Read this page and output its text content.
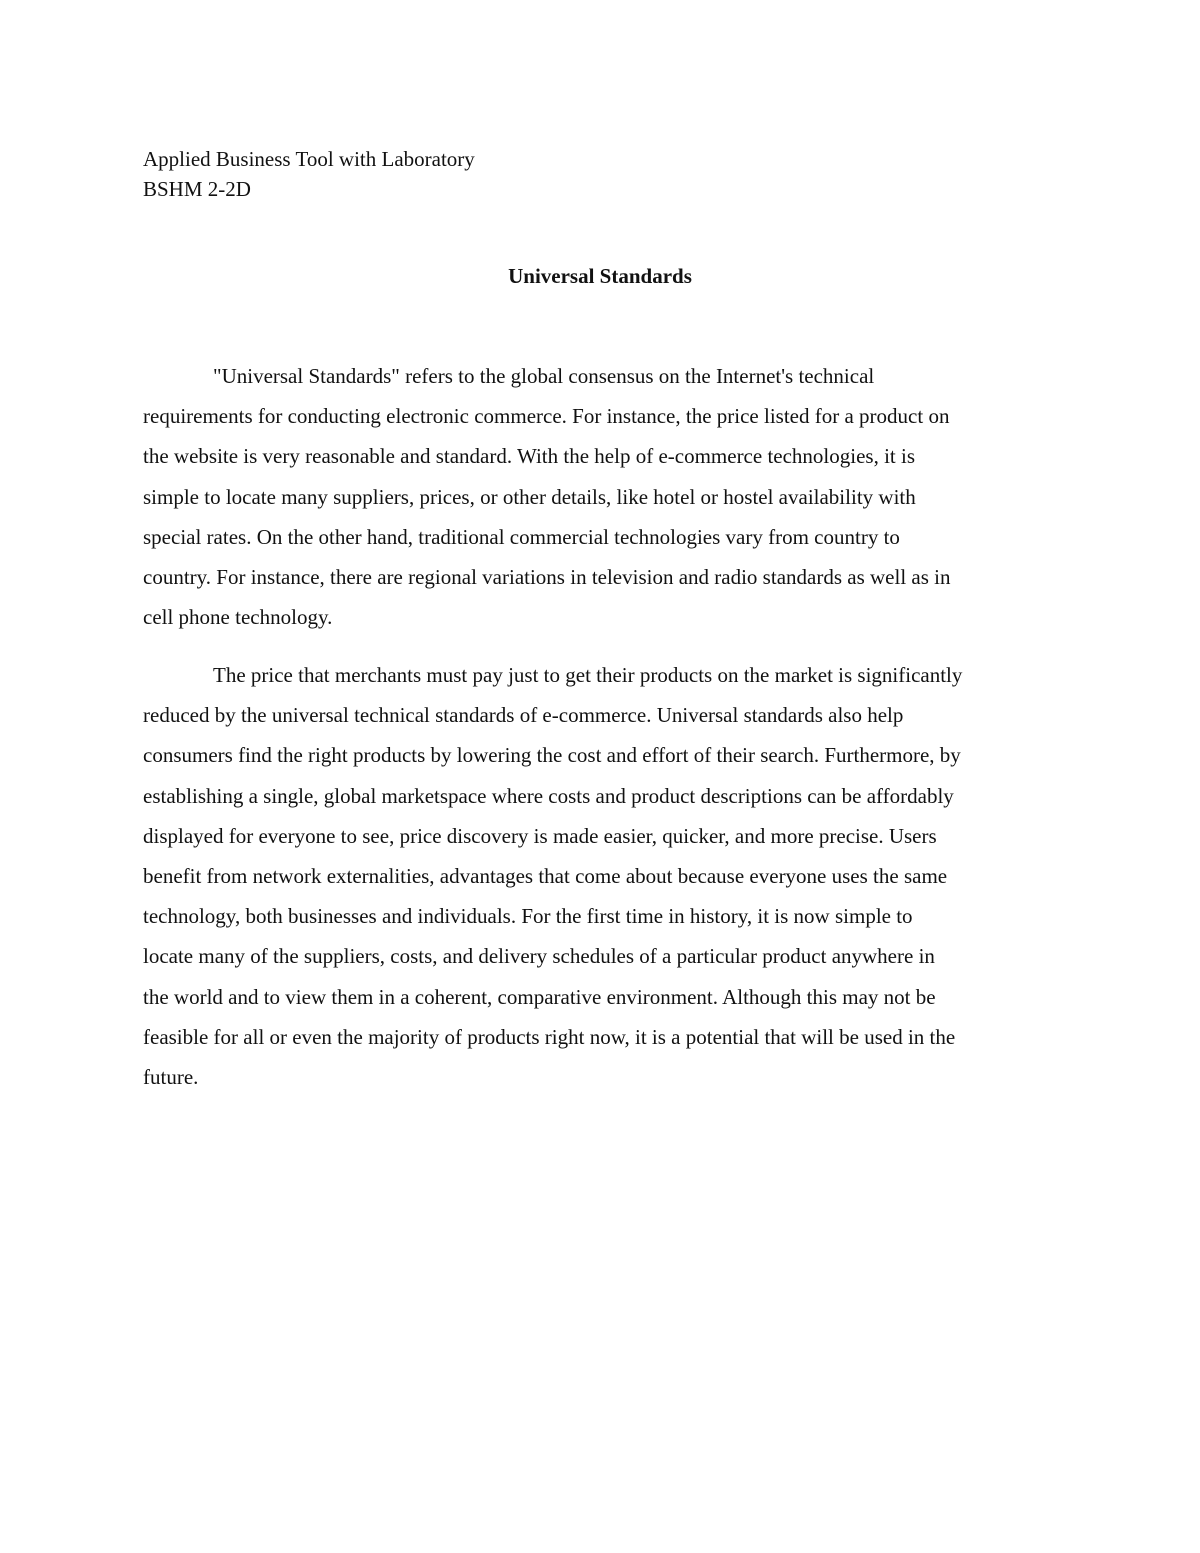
Applied Business Tool with Laboratory
BSHM 2-2D
Universal Standards
"Universal Standards" refers to the global consensus on the Internet's technical
requirements for conducting electronic commerce. For instance, the price listed for a product on
the website is very reasonable and standard. With the help of e-commerce technologies, it is
simple to locate many suppliers, prices, or other details, like hotel or hostel availability with
special rates. On the other hand, traditional commercial technologies vary from country to
country. For instance, there are regional variations in television and radio standards as well as in
cell phone technology.
The price that merchants must pay just to get their products on the market is significantly
reduced by the universal technical standards of e-commerce. Universal standards also help
consumers find the right products by lowering the cost and effort of their search. Furthermore, by
establishing a single, global marketspace where costs and product descriptions can be affordably
displayed for everyone to see, price discovery is made easier, quicker, and more precise. Users
benefit from network externalities, advantages that come about because everyone uses the same
technology, both businesses and individuals. For the first time in history, it is now simple to
locate many of the suppliers, costs, and delivery schedules of a particular product anywhere in
the world and to view them in a coherent, comparative environment. Although this may not be
feasible for all or even the majority of products right now, it is a potential that will be used in the
future.
